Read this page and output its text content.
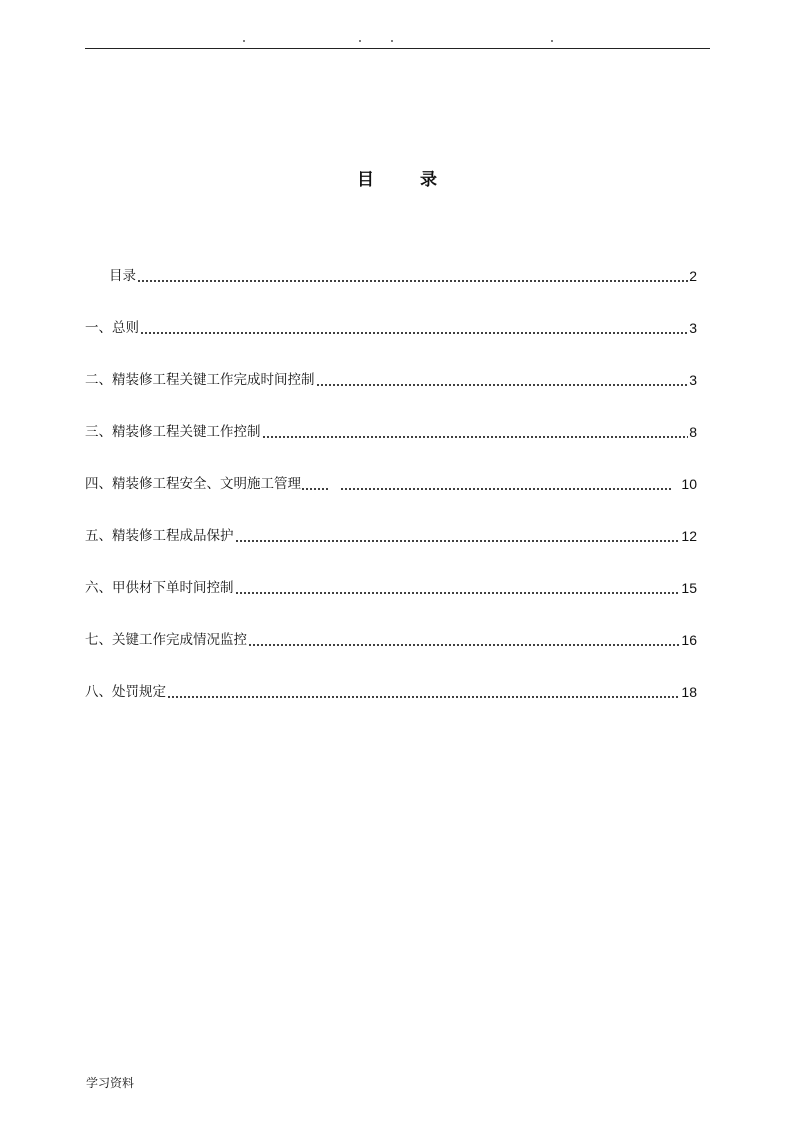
目	录
目录	2
一、总则	3
二、精装修工程关键工作完成时间控制	3
三、精装修工程关键工作控制	8
四、精装修工程安全、文明施工管理	10
五、精装修工程成品保护	12
六、甲供材下单时间控制	15
七、关键工作完成情况监控	16
八、处罚规定	18
学习资料
